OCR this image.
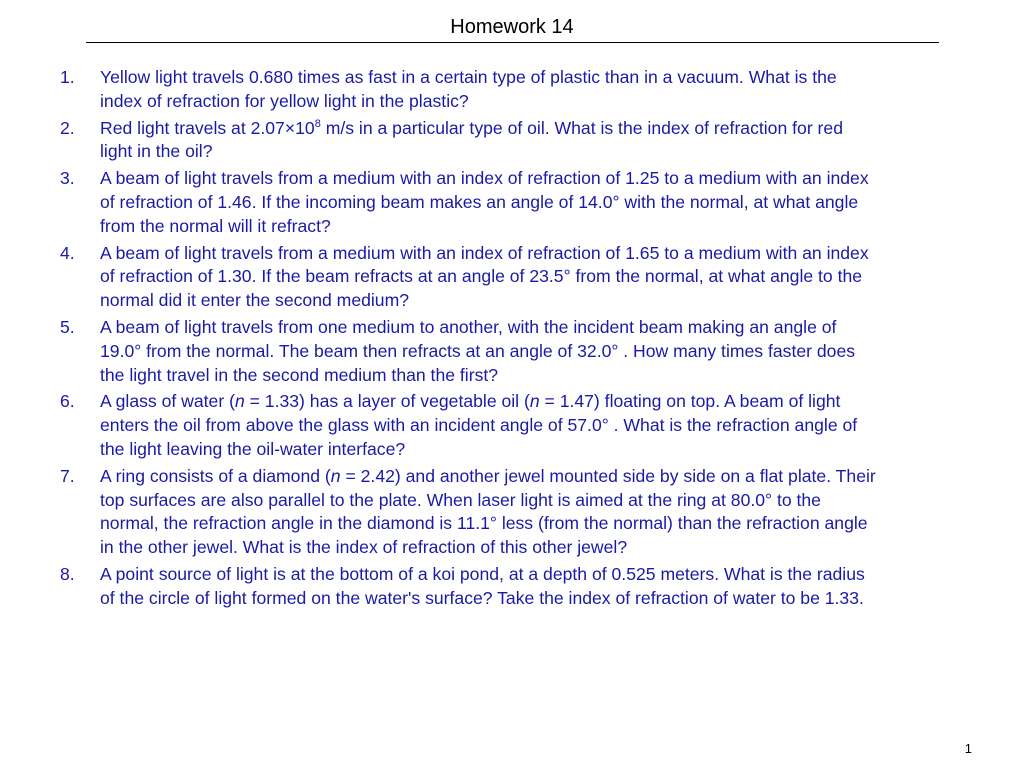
Homework 14
1. Yellow light travels 0.680 times as fast in a certain type of plastic than in a vacuum. What is the
index of refraction for yellow light in the plastic?
2. Red light travels at $2.07\times 10^8$ m/s in a particular type of oil. What is the index of refraction for red
light in the oil?
3. A beam of light travels from a medium with an index of refraction of 1.25 to a medium with an index
of refraction of 1.46. If the incoming beam makes an angle of 14.0° with the normal, at what angle
from the normal will it refract?
4. A beam of light travels from a medium with an index of refraction of 1.65 to a medium with an index
of refraction of 1.30. If the beam refracts at an angle of 23.5° from the normal, at what angle to the
normal did it enter the second medium?
5. A beam of light travels from one medium to another, with the incident beam making an angle of
19.0° from the normal. The beam then refracts at an angle of 32.0° . How many times faster does
the light travel in the second medium than the first?
6. A glass of water (n = 1.33) has a layer of vegetable oil (n = 1.47) floating on top. A beam of light
enters the oil from above the glass with an incident angle of 57.0° . What is the refraction angle of
the light leaving the oil-water interface?
7. A ring consists of a diamond (n = 2.42) and another jewel mounted side by side on a flat plate. Their
top surfaces are also parallel to the plate. When laser light is aimed at the ring at 80.0° to the
normal, the refraction angle in the diamond is 11.1° less (from the normal) than the refraction angle
in the other jewel. What is the index of refraction of this other jewel?
8. A point source of light is at the bottom of a koi pond, at a depth of 0.525 meters. What is the radius
of the circle of light formed on the water's surface? Take the index of refraction of water to be 1.33.
1
